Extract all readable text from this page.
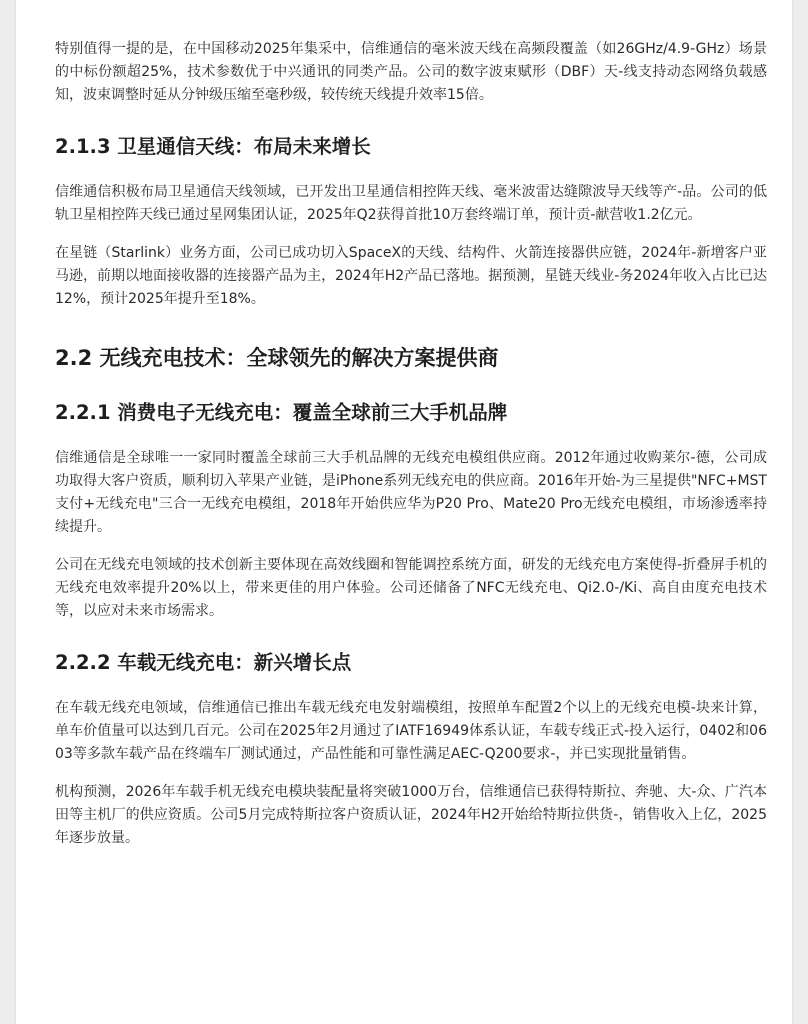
特别值得一提的是，在中国移动2025年集采中，信维通信的毫米波天线在高频段覆盖（如26GHz/4.9-GHz）场景的中标份额超25%，技术参数优于中兴通讯的同类产品。公司的数字波束赋形（DBF）天-线支持动态网络负载感知，波束调整时延从分钟级压缩至毫秒级，较传统天线提升效率15倍。

2.1.3 卫星通信天线：布局未来增长

信维通信积极布局卫星通信天线领域，已开发出卫星通信相控阵天线、毫米波雷达缝隙波导天线等产-品。公司的低轨卫星相控阵天线已通过星网集团认证，2025年Q2获得首批10万套终端订单，预计贡-献营收1.2亿元。

在星链（Starlink）业务方面，公司已成功切入SpaceX的天线、结构件、火箭连接器供应链，2024年-新增客户亚马逊，前期以地面接收器的连接器产品为主，2024年H2产品已落地。据预测，星链天线业-务2024年收入占比已达12%，预计2025年提升至18%。

2.2 无线充电技术：全球领先的解决方案提供商
2.2.1 消费电子无线充电：覆盖全球前三大手机品牌

信维通信是全球唯一一家同时覆盖全球前三大手机品牌的无线充电模组供应商。2012年通过收购莱尔-德，公司成功取得大客户资质，顺利切入苹果产业链，是iPhone系列无线充电的供应商。2016年开始-为三星提供"NFC+MST支付+无线充电"三合一无线充电模组，2018年开始供应华为P20 Pro、Mate20 Pro无线充电模组，市场渗透率持续提升。

公司在无线充电领域的技术创新主要体现在高效线圈和智能调控系统方面，研发的无线充电方案使得-折叠屏手机的无线充电效率提升20%以上，带来更佳的用户体验。公司还储备了NFC无线充电、Qi2.0-/Ki、高自由度充电技术等，以应对未来市场需求。

2.2.2 车载无线充电：新兴增长点

在车载无线充电领域，信维通信已推出车载无线充电发射端模组，按照单车配置2个以上的无线充电模-块来计算，单车价值量可以达到几百元。公司在2025年2月通过了IATF16949体系认证，车载专线正式-投入运行，0402和0603等多款车载产品在终端车厂测试通过，产品性能和可靠性满足AEC-Q200要求-，并已实现批量销售。

机构预测，2026年车载手机无线充电模块装配量将突破1000万台，信维通信已获得特斯拉、奔驰、大-众、广汽本田等主机厂的供应资质。公司5月完成特斯拉客户资质认证，2024年H2开始给特斯拉供货-，销售收入上亿，2025年逐步放量。
